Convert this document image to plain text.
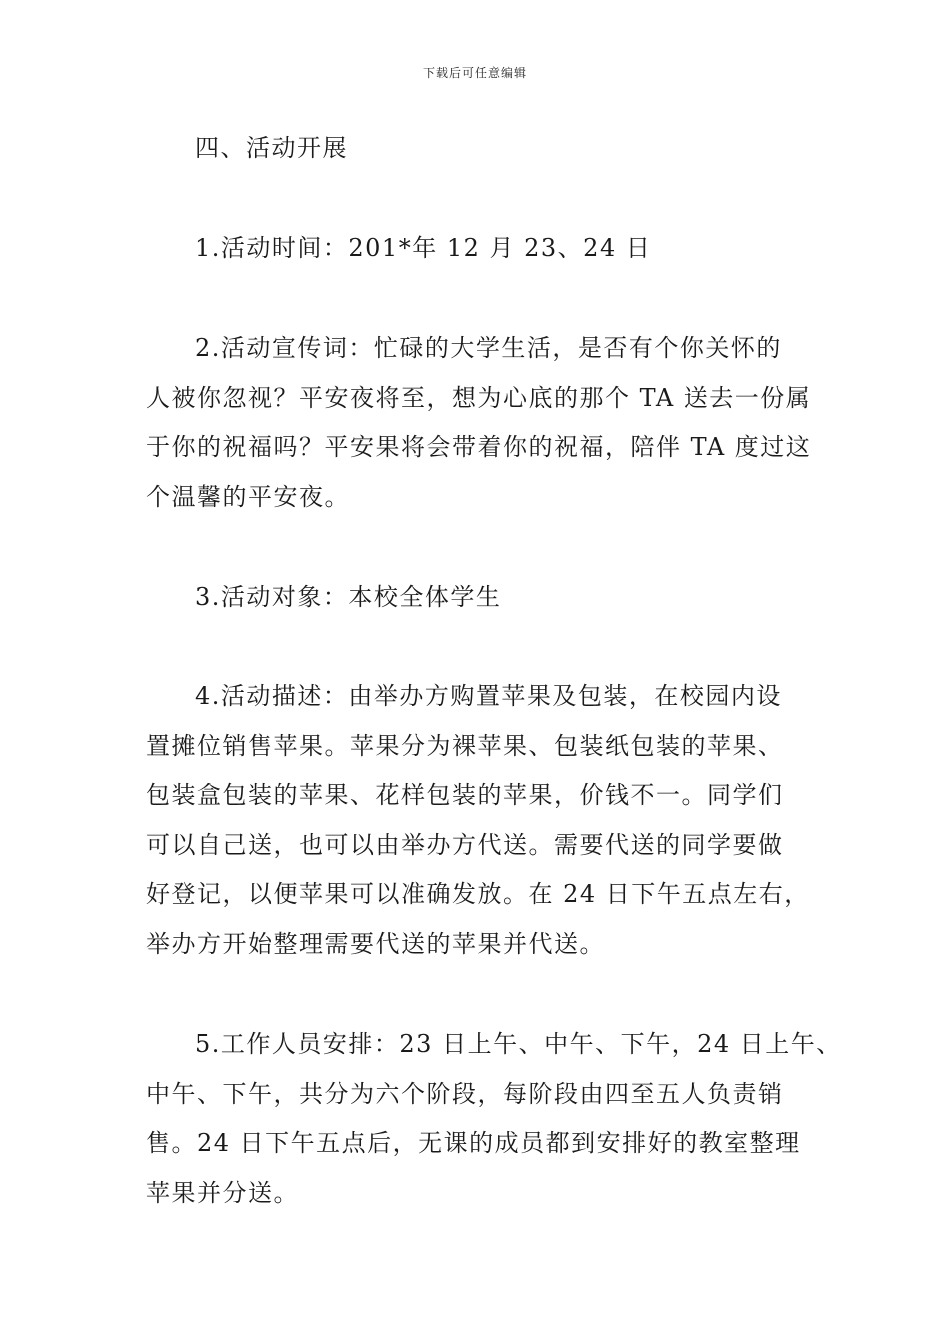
下载后可任意编辑
四、活动开展
1.活动时间：201*年 12 月 23、24 日
2.活动宣传词：忙碌的大学生活，是否有个你关怀的
人被你忽视？平安夜将至，想为心底的那个 TA 送去一份属
于你的祝福吗？平安果将会带着你的祝福，陪伴 TA 度过这
个温馨的平安夜。
3.活动对象：本校全体学生
4.活动描述：由举办方购置苹果及包装，在校园内设
置摊位销售苹果。苹果分为裸苹果、包装纸包装的苹果、
包装盒包装的苹果、花样包装的苹果，价钱不一。同学们
可以自己送，也可以由举办方代送。需要代送的同学要做
好登记，以便苹果可以准确发放。在 24 日下午五点左右，
举办方开始整理需要代送的苹果并代送。
5.工作人员安排：23 日上午、中午、下午，24 日上午、
中午、下午，共分为六个阶段，每阶段由四至五人负责销
售。24 日下午五点后，无课的成员都到安排好的教室整理
苹果并分送。
